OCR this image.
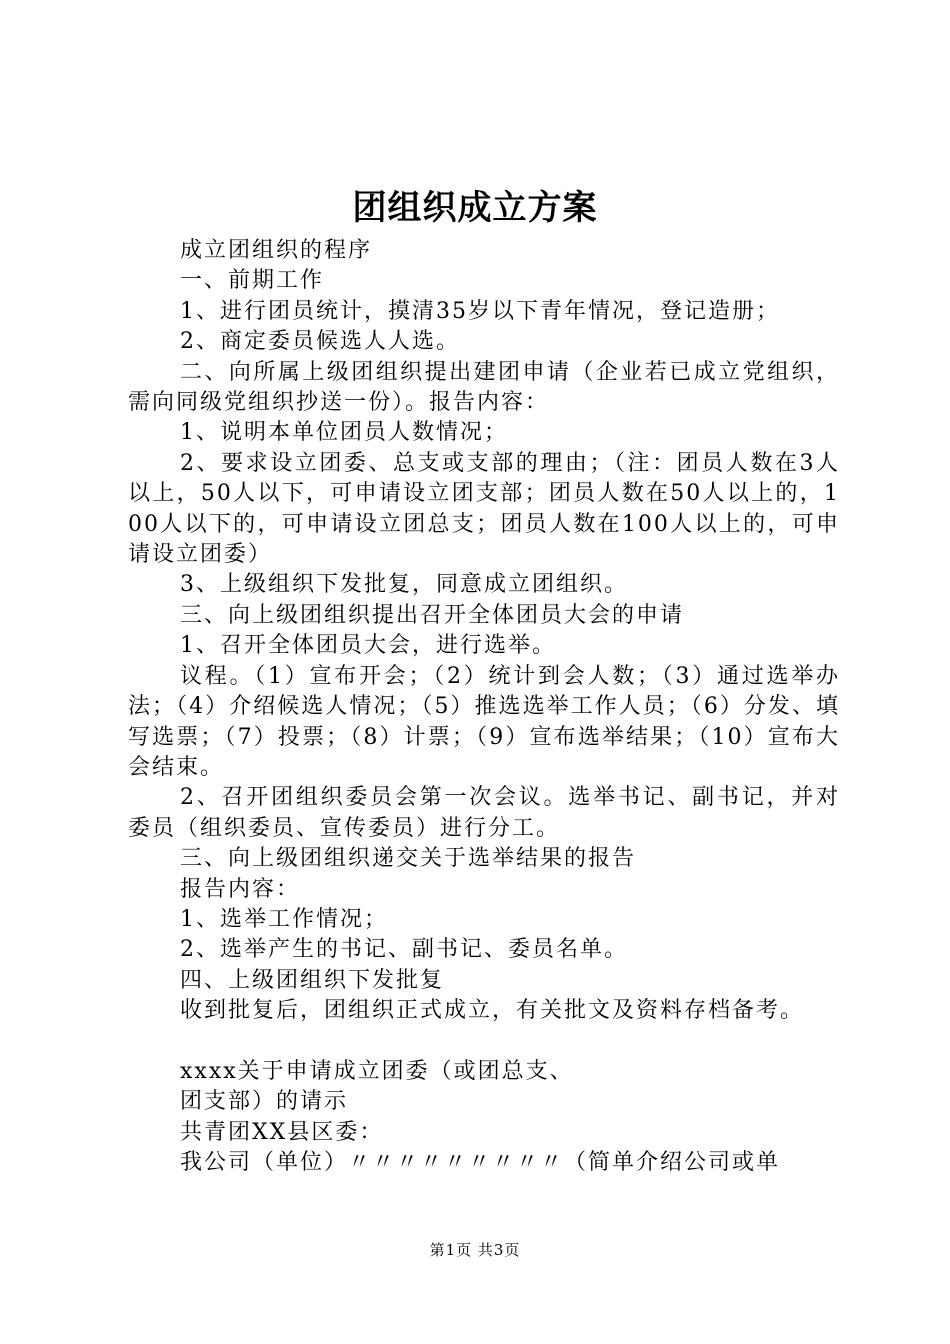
团组织成立方案

成立团组织的程序

一、前期工作

1、进行团员统计，摸清35岁以下青年情况，登记造册；

2、商定委员候选人人选。

二、向所属上级团组织提出建团申请（企业若已成立党组织，需向同级党组织抄送一份）。报告内容：

1、说明本单位团员人数情况；

2、要求设立团委、总支或支部的理由；（注：团员人数在3人以上，50人以下，可申请设立团支部；团员人数在50人以上的，100人以下的，可申请设立团总支；团员人数在100人以上的，可申请设立团委）

3、上级组织下发批复，同意成立团组织。

三、向上级团组织提出召开全体团员大会的申请

1、召开全体团员大会，进行选举。

议程。（1）宣布开会；（2）统计到会人数；（3）通过选举办法；（4）介绍候选人情况；（5）推选选举工作人员；（6）分发、填写选票；（7）投票；（8）计票；（9）宣布选举结果；（10）宣布大会结束。

2、召开团组织委员会第一次会议。选举书记、副书记，并对委员（组织委员、宣传委员）进行分工。

三、向上级团组织递交关于选举结果的报告

报告内容：

1、选举工作情况；

2、选举产生的书记、副书记、委员名单。

四、上级团组织下发批复

收到批复后，团组织正式成立，有关批文及资料存档备考。

xxxx关于申请成立团委（或团总支、

团支部）的请示

共青团XX县区委：

我公司（单位）〃〃〃〃〃〃〃〃〃（简单介绍公司或单

第1页 共3页
